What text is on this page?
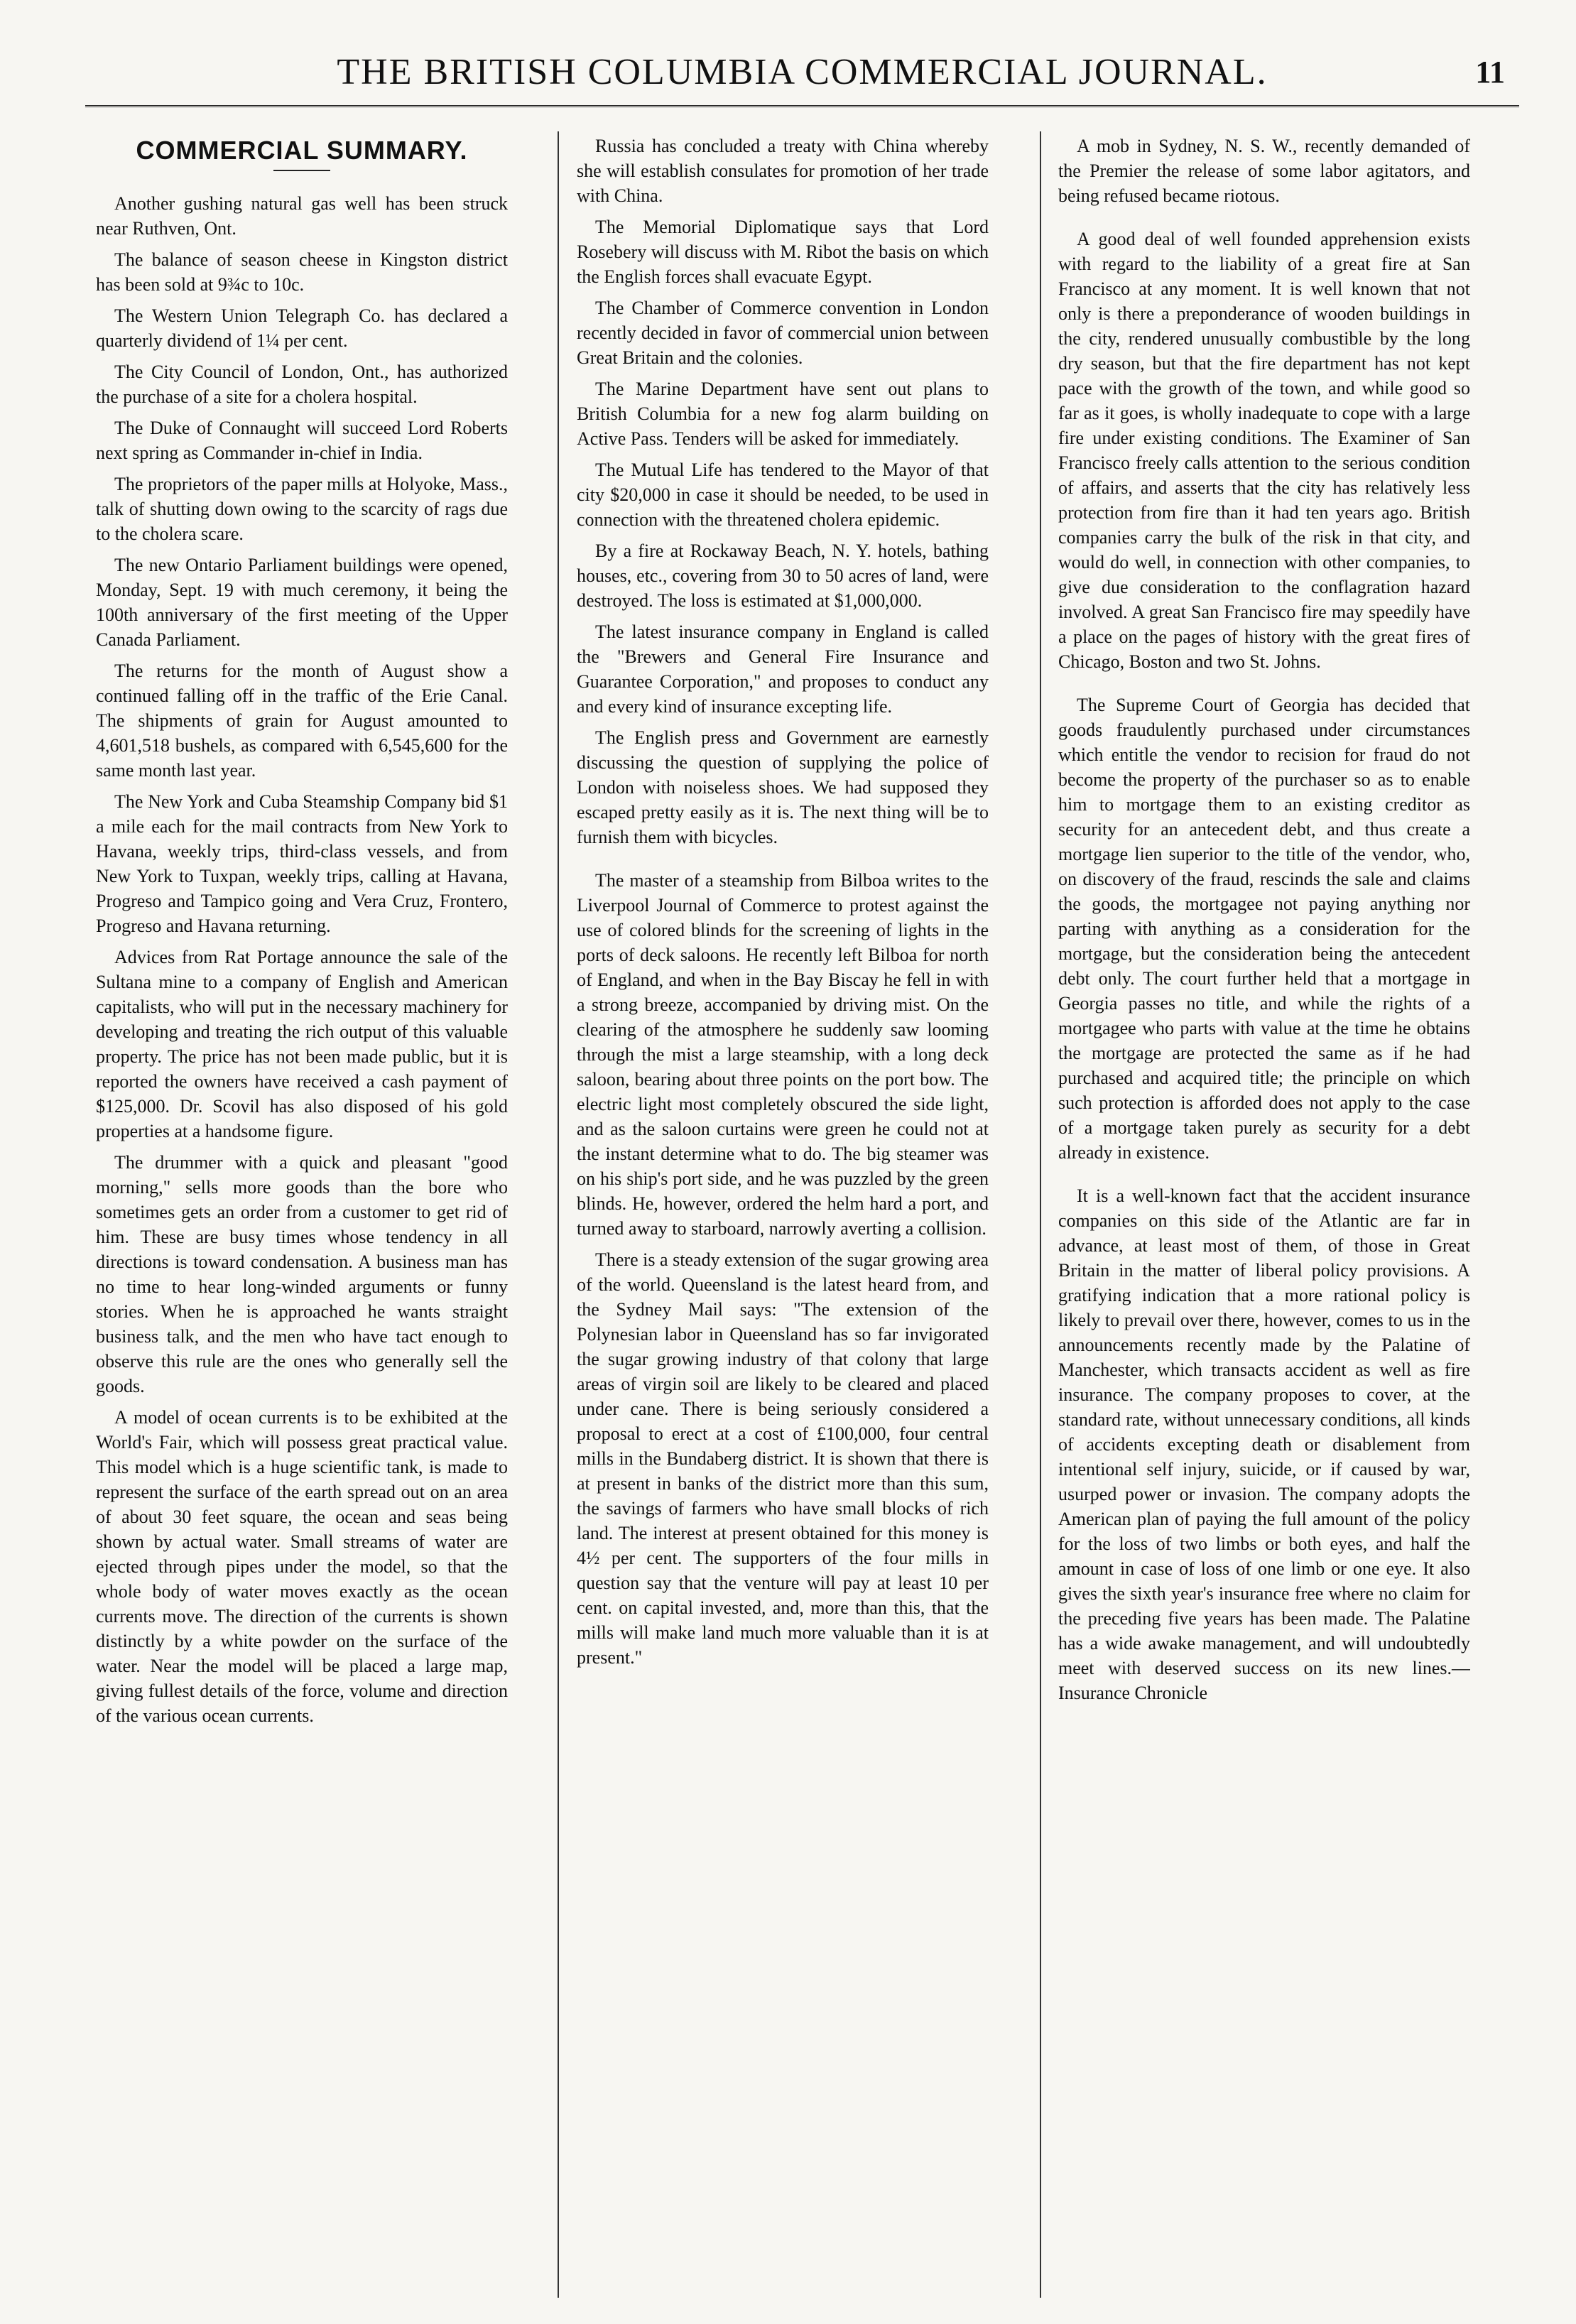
THE BRITISH COLUMBIA COMMERCIAL JOURNAL.	11
COMMERCIAL SUMMARY.

Another gushing natural gas well has been struck near Ruthven, Ont.

The balance of season cheese in Kingston district has been sold at 9¾c to 10c.

The Western Union Telegraph Co. has declared a quarterly dividend of 1¼ per cent.

The City Council of London, Ont., has authorized the purchase of a site for a cholera hospital.

The Duke of Connaught will succeed Lord Roberts next spring as Commander in-chief in India.

The proprietors of the paper mills at Holyoke, Mass., talk of shutting down owing to the scarcity of rags due to the cholera scare.

The new Ontario Parliament buildings were opened, Monday, Sept. 19 with much ceremony, it being the 100th anniversary of the first meeting of the Upper Canada Parliament.

The returns for the month of August show a continued falling off in the traffic of the Erie Canal. The shipments of grain for August amounted to 4,601,518 bushels, as compared with 6,545,600 for the same month last year.

The New York and Cuba Steamship Company bid $1 a mile each for the mail contracts from New York to Havana, weekly trips, third-class vessels, and from New York to Tuxpan, weekly trips, calling at Havana, Progreso and Tampico going and Vera Cruz, Frontero, Progreso and Havana returning.

Advices from Rat Portage announce the sale of the Sultana mine to a company of English and American capitalists, who will put in the necessary machinery for developing and treating the rich output of this valuable property. The price has not been made public, but it is reported the owners have received a cash payment of $125,000. Dr. Scovil has also disposed of his gold properties at a handsome figure.

The drummer with a quick and pleasant "good morning," sells more goods than the bore who sometimes gets an order from a customer to get rid of him. These are busy times whose tendency in all directions is toward condensation. A business man has no time to hear long-winded arguments or funny stories. When he is approached he wants straight business talk, and the men who have tact enough to observe this rule are the ones who generally sell the goods.

A model of ocean currents is to be exhibited at the World's Fair, which will possess great practical value. This model which is a huge scientific tank, is made to represent the surface of the earth spread out on an area of about 30 feet square, the ocean and seas being shown by actual water. Small streams of water are ejected through pipes under the model, so that the whole body of water moves exactly as the ocean currents move. The direction of the currents is shown distinctly by a white powder on the surface of the water. Near the model will be placed a large map, giving fullest details of the force, volume and direction of the various ocean currents.

Russia has concluded a treaty with China whereby she will establish consulates for promotion of her trade with China.

The Memorial Diplomatique says that Lord Rosebery will discuss with M. Ribot the basis on which the English forces shall evacuate Egypt.

The Chamber of Commerce convention in London recently decided in favor of commercial union between Great Britain and the colonies.

The Marine Department have sent out plans to British Columbia for a new fog alarm building on Active Pass. Tenders will be asked for immediately.

The Mutual Life has tendered to the Mayor of that city $20,000 in case it should be needed, to be used in connection with the threatened cholera epidemic.

By a fire at Rockaway Beach, N. Y. hotels, bathing houses, etc., covering from 30 to 50 acres of land, were destroyed. The loss is estimated at $1,000,000.

The latest insurance company in England is called the "Brewers and General Fire Insurance and Guarantee Corporation," and proposes to conduct any and every kind of insurance excepting life.

The English press and Government are earnestly discussing the question of supplying the police of London with noiseless shoes. We had supposed they escaped pretty easily as it is. The next thing will be to furnish them with bicycles.

The master of a steamship from Bilboa writes to the Liverpool Journal of Commerce to protest against the use of colored blinds for the screening of lights in the ports of deck saloons. He recently left Bilboa for north of England, and when in the Bay Biscay he fell in with a strong breeze, accompanied by driving mist. On the clearing of the atmosphere he suddenly saw looming through the mist a large steamship, with a long deck saloon, bearing about three points on the port bow. The electric light most completely obscured the side light, and as the saloon curtains were green he could not at the instant determine what to do. The big steamer was on his ship's port side, and he was puzzled by the green blinds. He, however, ordered the helm hard a port, and turned away to starboard, narrowly averting a collision.

There is a steady extension of the sugar growing area of the world. Queensland is the latest heard from, and the Sydney Mail says: "The extension of the Polynesian labor in Queensland has so far invigorated the sugar growing industry of that colony that large areas of virgin soil are likely to be cleared and placed under cane. There is being seriously considered a proposal to erect at a cost of £100,000, four central mills in the Bundaberg district. It is shown that there is at present in banks of the district more than this sum, the savings of farmers who have small blocks of rich land. The interest at present obtained for this money is 4½ per cent. The supporters of the four mills in question say that the venture will pay at least 10 per cent. on capital invested, and, more than this, that the mills will make land much more valuable than it is at present."

A mob in Sydney, N. S. W., recently demanded of the Premier the release of some labor agitators, and being refused became riotous.

A good deal of well founded apprehension exists with regard to the liability of a great fire at San Francisco at any moment. It is well known that not only is there a preponderance of wooden buildings in the city, rendered unusually combustible by the long dry season, but that the fire department has not kept pace with the growth of the town, and while good so far as it goes, is wholly inadequate to cope with a large fire under existing conditions. The Examiner of San Francisco freely calls attention to the serious condition of affairs, and asserts that the city has relatively less protection from fire than it had ten years ago. British companies carry the bulk of the risk in that city, and would do well, in connection with other companies, to give due consideration to the conflagration hazard involved. A great San Francisco fire may speedily have a place on the pages of history with the great fires of Chicago, Boston and two St. Johns.

The Supreme Court of Georgia has decided that goods fraudulently purchased under circumstances which entitle the vendor to recision for fraud do not become the property of the purchaser so as to enable him to mortgage them to an existing creditor as security for an antecedent debt, and thus create a mortgage lien superior to the title of the vendor, who, on discovery of the fraud, rescinds the sale and claims the goods, the mortgagee not paying anything nor parting with anything as a consideration for the mortgage, but the consideration being the antecedent debt only. The court further held that a mortgage in Georgia passes no title, and while the rights of a mortgagee who parts with value at the time he obtains the mortgage are protected the same as if he had purchased and acquired title; the principle on which such protection is afforded does not apply to the case of a mortgage taken purely as security for a debt already in existence.

It is a well-known fact that the accident insurance companies on this side of the Atlantic are far in advance, at least most of them, of those in Great Britain in the matter of liberal policy provisions. A gratifying indication that a more rational policy is likely to prevail over there, however, comes to us in the announcements recently made by the Palatine of Manchester, which transacts accident as well as fire insurance. The company proposes to cover, at the standard rate, without unnecessary conditions, all kinds of accidents excepting death or disablement from intentional self injury, suicide, or if caused by war, usurped power or invasion. The company adopts the American plan of paying the full amount of the policy for the loss of two limbs or both eyes, and half the amount in case of loss of one limb or one eye. It also gives the sixth year's insurance free where no claim for the preceding five years has been made. The Palatine has a wide awake management, and will undoubtedly meet with deserved success on its new lines.—Insurance Chronicle
